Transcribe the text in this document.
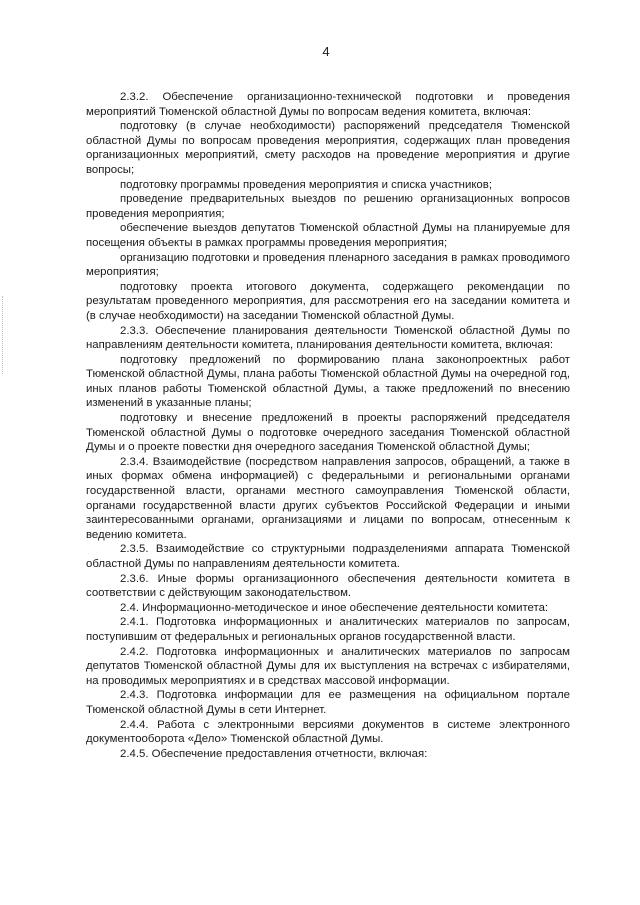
4

2.3.2. Обеспечение организационно-технической подготовки и проведения мероприятий Тюменской областной Думы по вопросам ведения комитета, включая:

подготовку (в случае необходимости) распоряжений председателя Тюменской областной Думы по вопросам проведения мероприятия, содержащих план проведения организационных мероприятий, смету расходов на проведение мероприятия и другие вопросы;

подготовку программы проведения мероприятия и списка участников;

проведение предварительных выездов по решению организационных вопросов проведения мероприятия;

обеспечение выездов депутатов Тюменской областной Думы на планируемые для посещения объекты в рамках программы проведения мероприятия;

организацию подготовки и проведения пленарного заседания в рамках проводимого мероприятия;

подготовку проекта итогового документа, содержащего рекомендации по результатам проведенного мероприятия, для рассмотрения его на заседании комитета и (в случае необходимости) на заседании Тюменской областной Думы.

2.3.3. Обеспечение планирования деятельности Тюменской областной Думы по направлениям деятельности комитета, планирования деятельности комитета, включая:

подготовку предложений по формированию плана законопроектных работ Тюменской областной Думы, плана работы Тюменской областной Думы на очередной год, иных планов работы Тюменской областной Думы, а также предложений по внесению изменений в указанные планы;

подготовку и внесение предложений в проекты распоряжений председателя Тюменской областной Думы о подготовке очередного заседания Тюменской областной Думы и о проекте повестки дня очередного заседания Тюменской областной Думы;

2.3.4. Взаимодействие (посредством направления запросов, обращений, а также в иных формах обмена информацией) с федеральными и региональными органами государственной власти, органами местного самоуправления Тюменской области, органами государственной власти других субъектов Российской Федерации и иными заинтересованными органами, организациями и лицами по вопросам, отнесенным к ведению комитета.

2.3.5. Взаимодействие со структурными подразделениями аппарата Тюменской областной Думы по направлениям деятельности комитета.

2.3.6. Иные формы организационного обеспечения деятельности комитета в соответствии с действующим законодательством.

2.4. Информационно-методическое и иное обеспечение деятельности комитета:

2.4.1. Подготовка информационных и аналитических материалов по запросам, поступившим от федеральных и региональных органов государственной власти.

2.4.2. Подготовка информационных и аналитических материалов по запросам депутатов Тюменской областной Думы для их выступления на встречах с избирателями, на проводимых мероприятиях и в средствах массовой информации.

2.4.3. Подготовка информации для ее размещения на официальном портале Тюменской областной Думы в сети Интернет.

2.4.4. Работа с электронными версиями документов в системе электронного документооборота «Дело» Тюменской областной Думы.

2.4.5. Обеспечение предоставления отчетности, включая:
